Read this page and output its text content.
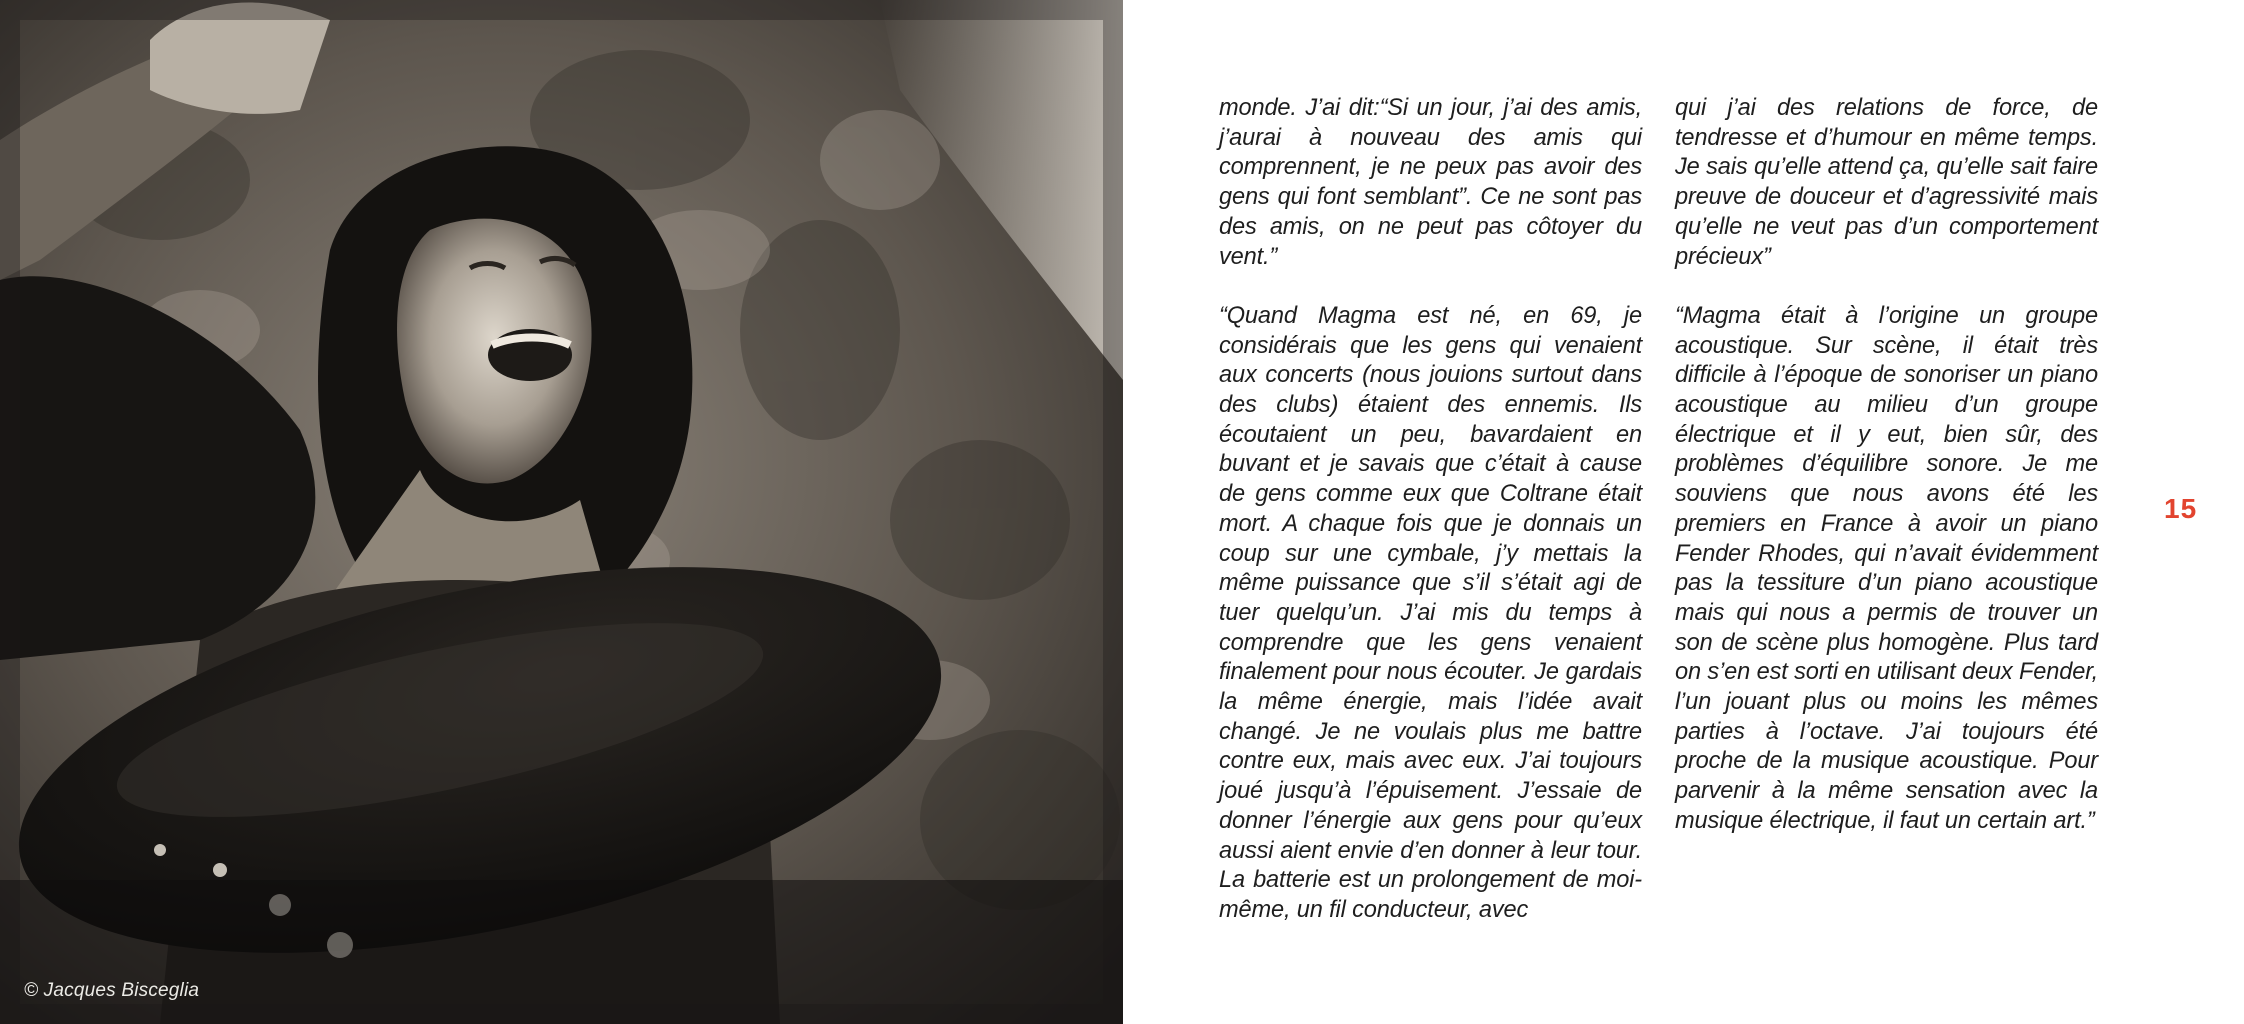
© Jacques Bisceglia

monde. J’ai dit:“Si un jour, j’ai des amis, j’aurai à nouveau des amis qui comprennent, je ne peux pas avoir des gens qui font semblant”. Ce ne sont pas des amis, on ne peut pas côtoyer du vent.”

“Quand Magma est né, en 69, je considérais que les gens qui venaient aux concerts (nous jouions surtout dans des clubs) étaient des ennemis. Ils écoutaient un peu, bavardaient en buvant et je savais que c’était à cause de gens comme eux que Coltrane était mort. A chaque fois que je donnais un coup sur une cymbale, j’y mettais la même puissance que s’il s’était agi de tuer quelqu’un. J’ai mis du temps à comprendre que les gens venaient finalement pour nous écouter. Je gardais la même énergie, mais l’idée avait changé. Je ne voulais plus me battre contre eux, mais avec eux. J’ai toujours joué jusqu’à l’épuisement. J’essaie de donner l’énergie aux gens pour qu’eux aussi aient envie d’en donner à leur tour. La batterie est un prolongement de moi-même, un fil conducteur, avec

qui j’ai des relations de force, de tendresse et d’humour en même temps. Je sais qu’elle attend ça, qu’elle sait faire preuve de douceur et d’agressivité mais qu’elle ne veut pas d’un comportement précieux”

“Magma était à l’origine un groupe acoustique. Sur scène, il était très difficile à l’époque de sonoriser un piano acoustique au milieu d’un groupe électrique et il y eut, bien sûr, des problèmes d’équilibre sonore. Je me souviens que nous avons été les premiers en France à avoir un piano Fender Rhodes, qui n’avait évidemment pas la tessiture d’un piano acoustique mais qui nous a permis de trouver un son de scène plus homogène. Plus tard on s’en est sorti en utilisant deux Fender, l’un jouant plus ou moins les mêmes parties à l’octave. J’ai toujours été proche de la musique acoustique. Pour parvenir à la même sensation avec la musique électrique, il faut un certain art.”

15
